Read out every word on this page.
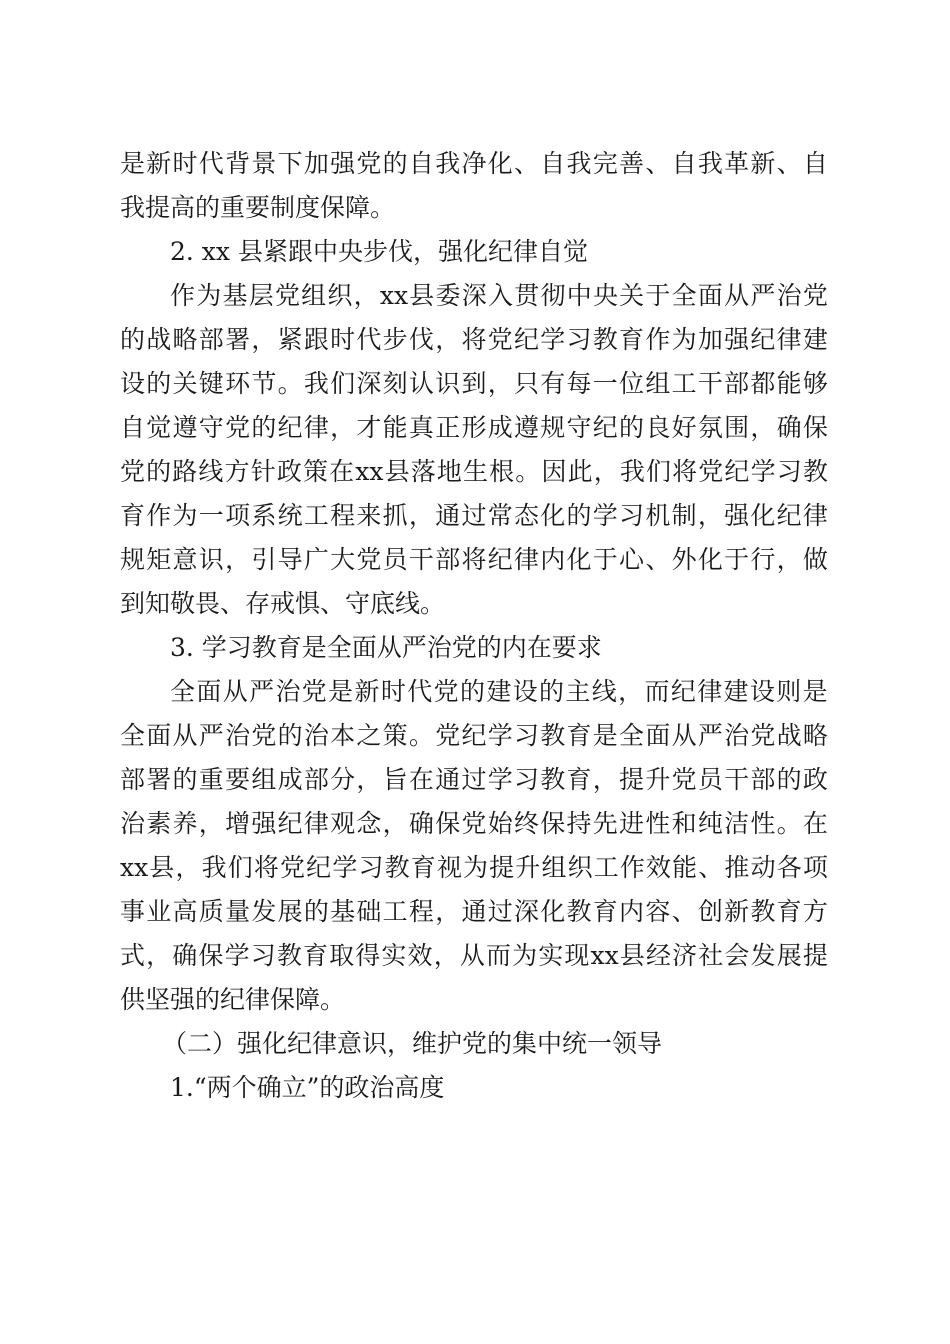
是 新 时 代 背 景 下 加 强 党 的 自 我 净 化 、 自 我 完 善 、 自 我 革 新 、 自
我提高的重要制度保障。
2. xx 县紧跟中央步伐，强化纪律自觉
作 为 基 层 党 组 织 ， xx 县 委 深 入 贯 彻 中 央 关 于 全 面 从 严 治 党
的 战 略 部 署 ， 紧 跟 时 代 步 伐 ， 将 党 纪 学 习 教 育 作 为 加 强 纪 律 建
设 的 关 键 环 节 。 我 们 深 刻 认 识 到 ， 只 有 每 一 位 组 工 干 部 都 能 够
自 觉 遵 守 党 的 纪 律 ， 才 能 真 正 形 成 遵 规 守 纪 的 良 好 氛 围 ， 确 保
党 的 路 线 方 针 政 策 在 xx 县 落 地 生 根 。 因 此 ， 我 们 将 党 纪 学 习 教
育 作 为 一 项 系 统 工 程 来 抓 ， 通 过 常 态 化 的 学 习 机 制 ， 强 化 纪 律
规 矩 意 识 ， 引 导 广 大 党 员 干 部 将 纪 律 内 化 于 心 、 外 化 于 行 ， 做
到知敬畏、存戒惧、守底线。
3. 学习教育是全面从严治党的内在要求
全 面 从 严 治 党 是 新 时 代 党 的 建 设 的 主 线 ， 而 纪 律 建 设 则 是
全 面 从 严 治 党 的 治 本 之 策 。 党 纪 学 习 教 育 是 全 面 从 严 治 党 战 略
部 署 的 重 要 组 成 部 分 ， 旨 在 通 过 学 习 教 育 ， 提 升 党 员 干 部 的 政
治 素 养 ， 增 强 纪 律 观 念 ， 确 保 党 始 终 保 持 先 进 性 和 纯 洁 性 。 在
xx 县 ， 我 们 将 党 纪 学 习 教 育 视 为 提 升 组 织 工 作 效 能 、 推 动 各 项
事 业 高 质 量 发 展 的 基 础 工 程 ， 通 过 深 化 教 育 内 容 、 创 新 教 育 方
式 ， 确 保 学 习 教 育 取 得 实 效 ， 从 而 为 实 现 xx 县 经 济 社 会 发 展 提
供坚强的纪律保障。
（二）强化纪律意识，维护党的集中统一领导
1.“两个确立”的政治高度
